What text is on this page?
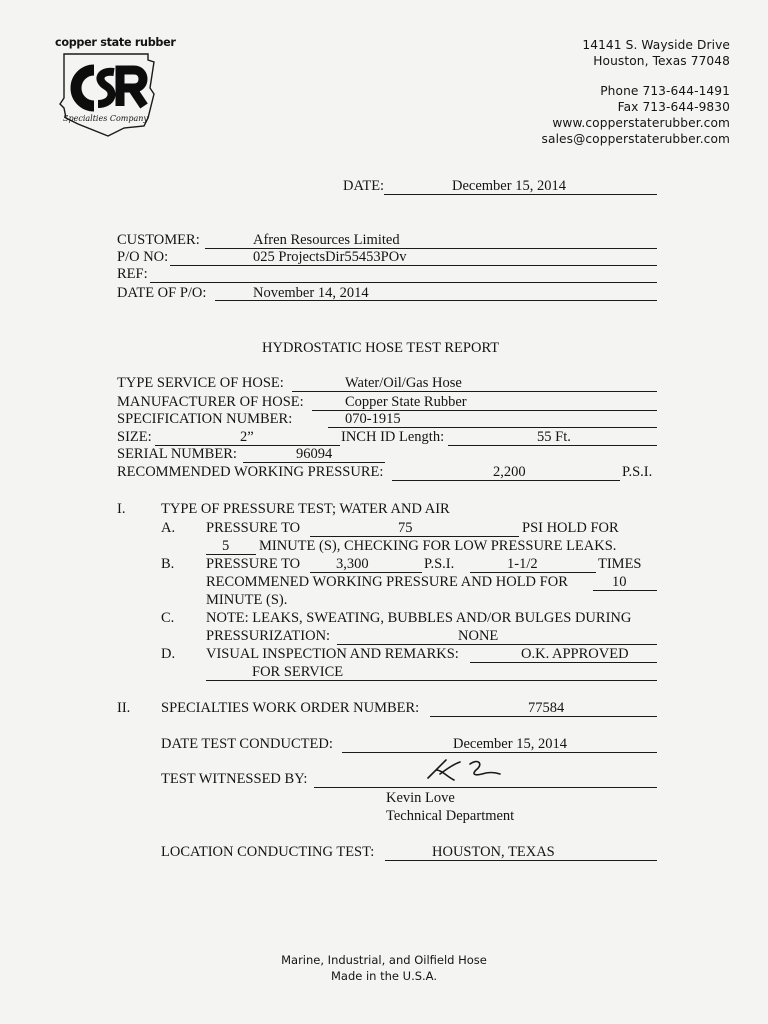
copper state rubber
Specialties Company
14141 S. Wayside Drive
Houston, Texas 77048
Phone 713-644-1491
Fax 713-644-9830
www.copperstaterubber.com
sales@copperstaterubber.com
DATE:	December 15, 2014
CUSTOMER:	Afren Resources Limited
P/O NO:	025 ProjectsDir55453POv
REF:
DATE OF P/O:	November 14, 2014
HYDROSTATIC HOSE TEST REPORT
TYPE SERVICE OF HOSE:	Water/Oil/Gas Hose
MANUFACTURER OF HOSE:	Copper State Rubber
SPECIFICATION NUMBER:	070-1915
SIZE:	2”	INCH ID Length:	55 Ft.
SERIAL NUMBER:	96094
RECOMMENDED WORKING PRESSURE:	2,200	P.S.I.
I. TYPE OF PRESSURE TEST; WATER AND AIR
A. PRESSURE TO	75	PSI HOLD FOR
5 MINUTE (S), CHECKING FOR LOW PRESSURE LEAKS.
B. PRESSURE TO 3,300	P.S.I.	1-1/2	TIMES
RECOMMENED WORKING PRESSURE AND HOLD FOR	10
MINUTE (S).
C. NOTE: LEAKS, SWEATING, BUBBLES AND/OR BULGES DURING
PRESSURIZATION:	NONE
D. VISUAL INSPECTION AND REMARKS:	O.K. APPROVED
FOR SERVICE
II. SPECIALTIES WORK ORDER NUMBER:	77584
DATE TEST CONDUCTED:	December 15, 2014
TEST WITNESSED BY:
Kevin Love
Technical Department
LOCATION CONDUCTING TEST:	HOUSTON, TEXAS
Marine, Industrial, and Oilfield Hose
Made in the U.S.A.
